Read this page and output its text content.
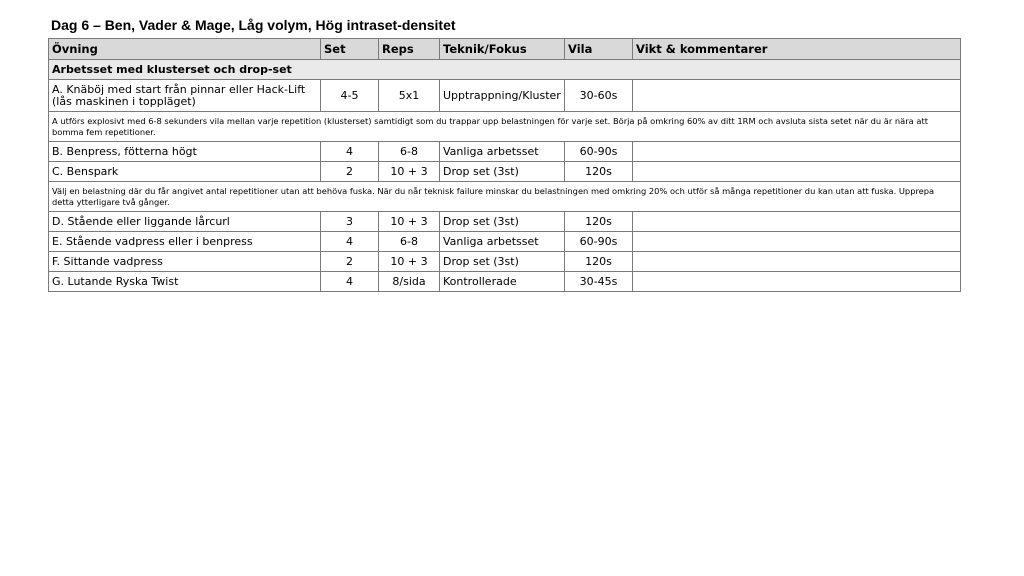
Dag 6 – Ben, Vader & Mage, Låg volym, Hög intraset-densitet
Övning	Set	Reps	Teknik/Fokus	Vila	Vikt & kommentarer
Arbetsset med klusterset och drop-set					
A. Knäböj med start från pinnar eller Hack-Lift
(lås maskinen i toppläget)	4-5	5x1	Upptrappning/Kluster	30-60s	
A utförs explosivt med 6-8 sekunders vila mellan varje repetition (klusterset) samtidigt som du trappar upp belastningen för varje set. Börja på omkring 60% av ditt 1RM och avsluta sista setet när du är nära att bomma fem repetitioner.					
B. Benpress, fötterna högt	4	6-8	Vanliga arbetsset	60-90s	
C. Benspark	2	10 + 3	Drop set (3st)	120s	
Välj en belastning där du får angivet antal repetitioner utan att behöva fuska. När du når teknisk failure minskar du belastningen med omkring 20% och utför så många repetitioner du kan utan att fuska. Upprepa detta ytterligare två gånger.					
D. Stående eller liggande lårcurl	3	10 + 3	Drop set (3st)	120s	
E. Stående vadpress eller i benpress	4	6-8	Vanliga arbetsset	60-90s	
F. Sittande vadpress	2	10 + 3	Drop set (3st)	120s	
G. Lutande Ryska Twist	4	8/sida	Kontrollerade	30-45s	
